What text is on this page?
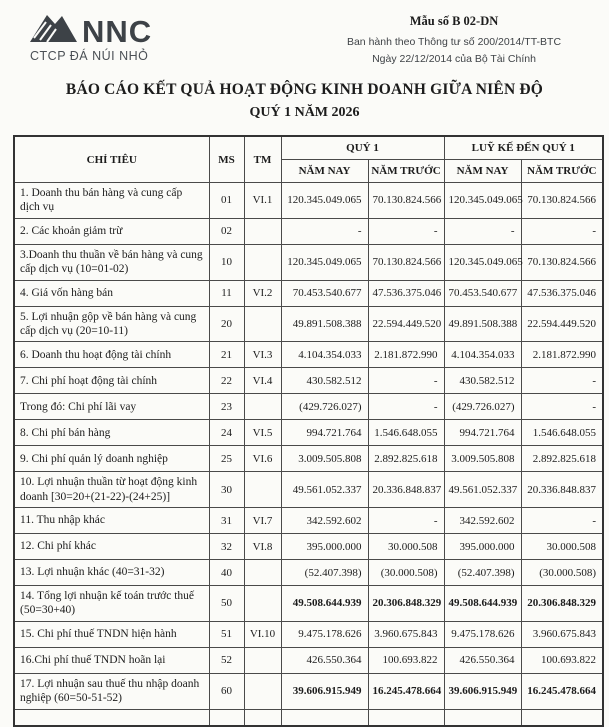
NNC
CTCP ĐÁ NÚI NHỎ
Mẫu số B 02-DN
Ban hành theo Thông tư số 200/2014/TT-BTC
Ngày 22/12/2014 của Bộ Tài Chính
BÁO CÁO KẾT QUẢ HOẠT ĐỘNG KINH DOANH GIỮA NIÊN ĐỘ
QUÝ 1 NĂM 2026
CHỈ TIÊU	MS	TM	QUÝ 1		LUỸ KẾ ĐẾN QUÝ 1	
			NĂM NAY	NĂM TRƯỚC	NĂM NAY	NĂM TRƯỚC
1. Doanh thu bán hàng và cung cấp dịch vụ	01	VI.1	120.345.049.065	70.130.824.566	120.345.049.065	70.130.824.566
2. Các khoản giảm trừ	02		-	-	-	-
3.Doanh thu thuần về bán hàng và cung cấp dịch vụ (10=01-02)	10		120.345.049.065	70.130.824.566	120.345.049.065	70.130.824.566
4. Giá vốn hàng bán	11	VI.2	70.453.540.677	47.536.375.046	70.453.540.677	47.536.375.046
5. Lợi nhuận gộp về bán hàng và cung cấp dịch vụ (20=10-11)	20		49.891.508.388	22.594.449.520	49.891.508.388	22.594.449.520
6. Doanh thu hoạt động tài chính	21	VI.3	4.104.354.033	2.181.872.990	4.104.354.033	2.181.872.990
7. Chi phí hoạt động tài chính	22	VI.4	430.582.512	-	430.582.512	-
Trong đó: Chi phí lãi vay	23		(429.726.027)	-	(429.726.027)	-
8. Chi phí bán hàng	24	VI.5	994.721.764	1.546.648.055	994.721.764	1.546.648.055
9. Chi phí quản lý doanh nghiệp	25	VI.6	3.009.505.808	2.892.825.618	3.009.505.808	2.892.825.618
10. Lợi nhuận thuần từ hoạt động kinh doanh [30=20+(21-22)-(24+25)]	30		49.561.052.337	20.336.848.837	49.561.052.337	20.336.848.837
11. Thu nhập khác	31	VI.7	342.592.602	-	342.592.602	-
12. Chi phí khác	32	VI.8	395.000.000	30.000.508	395.000.000	30.000.508
13. Lợi nhuận khác (40=31-32)	40		(52.407.398)	(30.000.508)	(52.407.398)	(30.000.508)
14. Tổng lợi nhuận kế toán trước thuế (50=30+40)	50		49.508.644.939	20.306.848.329	49.508.644.939	20.306.848.329
15. Chi phí thuế TNDN hiện hành	51	VI.10	9.475.178.626	3.960.675.843	9.475.178.626	3.960.675.843
16.Chi phí thuế TNDN hoãn lại	52		426.550.364	100.693.822	426.550.364	100.693.822
17. Lợi nhuận sau thuế thu nhập doanh nghiệp (60=50-51-52)	60		39.606.915.949	16.245.478.664	39.606.915.949	16.245.478.664
